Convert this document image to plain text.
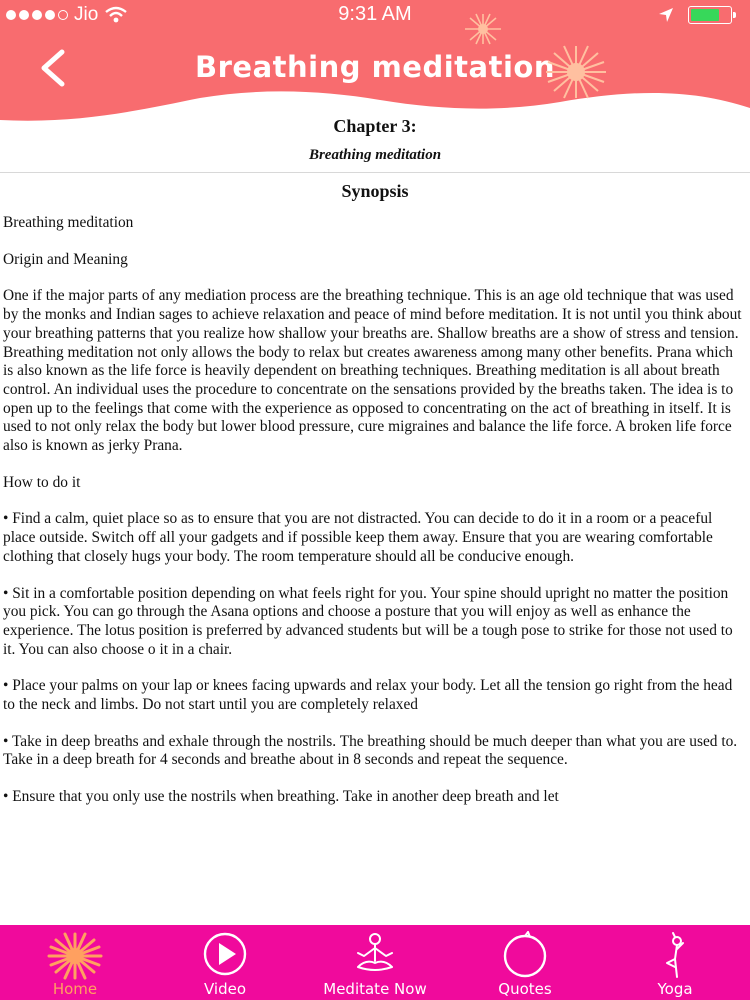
Jio	9:31 AM
Breathing meditation
Chapter 3:
Breathing meditation
Synopsis

Breathing meditation

Origin and Meaning

One if the major parts of any mediation process are the breathing technique. This is an age old technique that was used by the monks and Indian sages to achieve relaxation and peace of mind before meditation. It is not until you think about your breathing patterns that you realize how shallow your breaths are. Shallow breaths are a show of stress and tension. Breathing meditation not only allows the body to relax but creates awareness among many other benefits. Prana which is also known as the life force is heavily dependent on breathing techniques. Breathing meditation is all about breath control. An individual uses the procedure to concentrate on the sensations provided by the breaths taken. The idea is to open up to the feelings that come with the experience as opposed to concentrating on the act of breathing in itself. It is used to not only relax the body but lower blood pressure, cure migraines and balance the life force. A broken life force also is known as jerky Prana.

How to do it

• Find a calm, quiet place so as to ensure that you are not distracted. You can decide to do it in a room or a peaceful place outside. Switch off all your gadgets and if possible keep them away. Ensure that you are wearing comfortable clothing that closely hugs your body. The room temperature should all be conducive enough.

• Sit in a comfortable position depending on what feels right for you. Your spine should upright no matter the position you pick. You can go through the Asana options and choose a posture that you will enjoy as well as enhance the experience. The lotus position is preferred by advanced students but will be a tough pose to strike for those not used to it. You can also choose o it in a chair.

• Place your palms on your lap or knees facing upwards and relax your body. Let all the tension go right from the head to the neck and limbs. Do not start until you are completely relaxed

• Take in deep breaths and exhale through the nostrils. The breathing should be much deeper than what you are used to. Take in a deep breath for 4 seconds and breathe about in 8 seconds and repeat the sequence.

• Ensure that you only use the nostrils when breathing. Take in another deep breath and let

Home	Video	Meditate Now	Quotes	Yoga
